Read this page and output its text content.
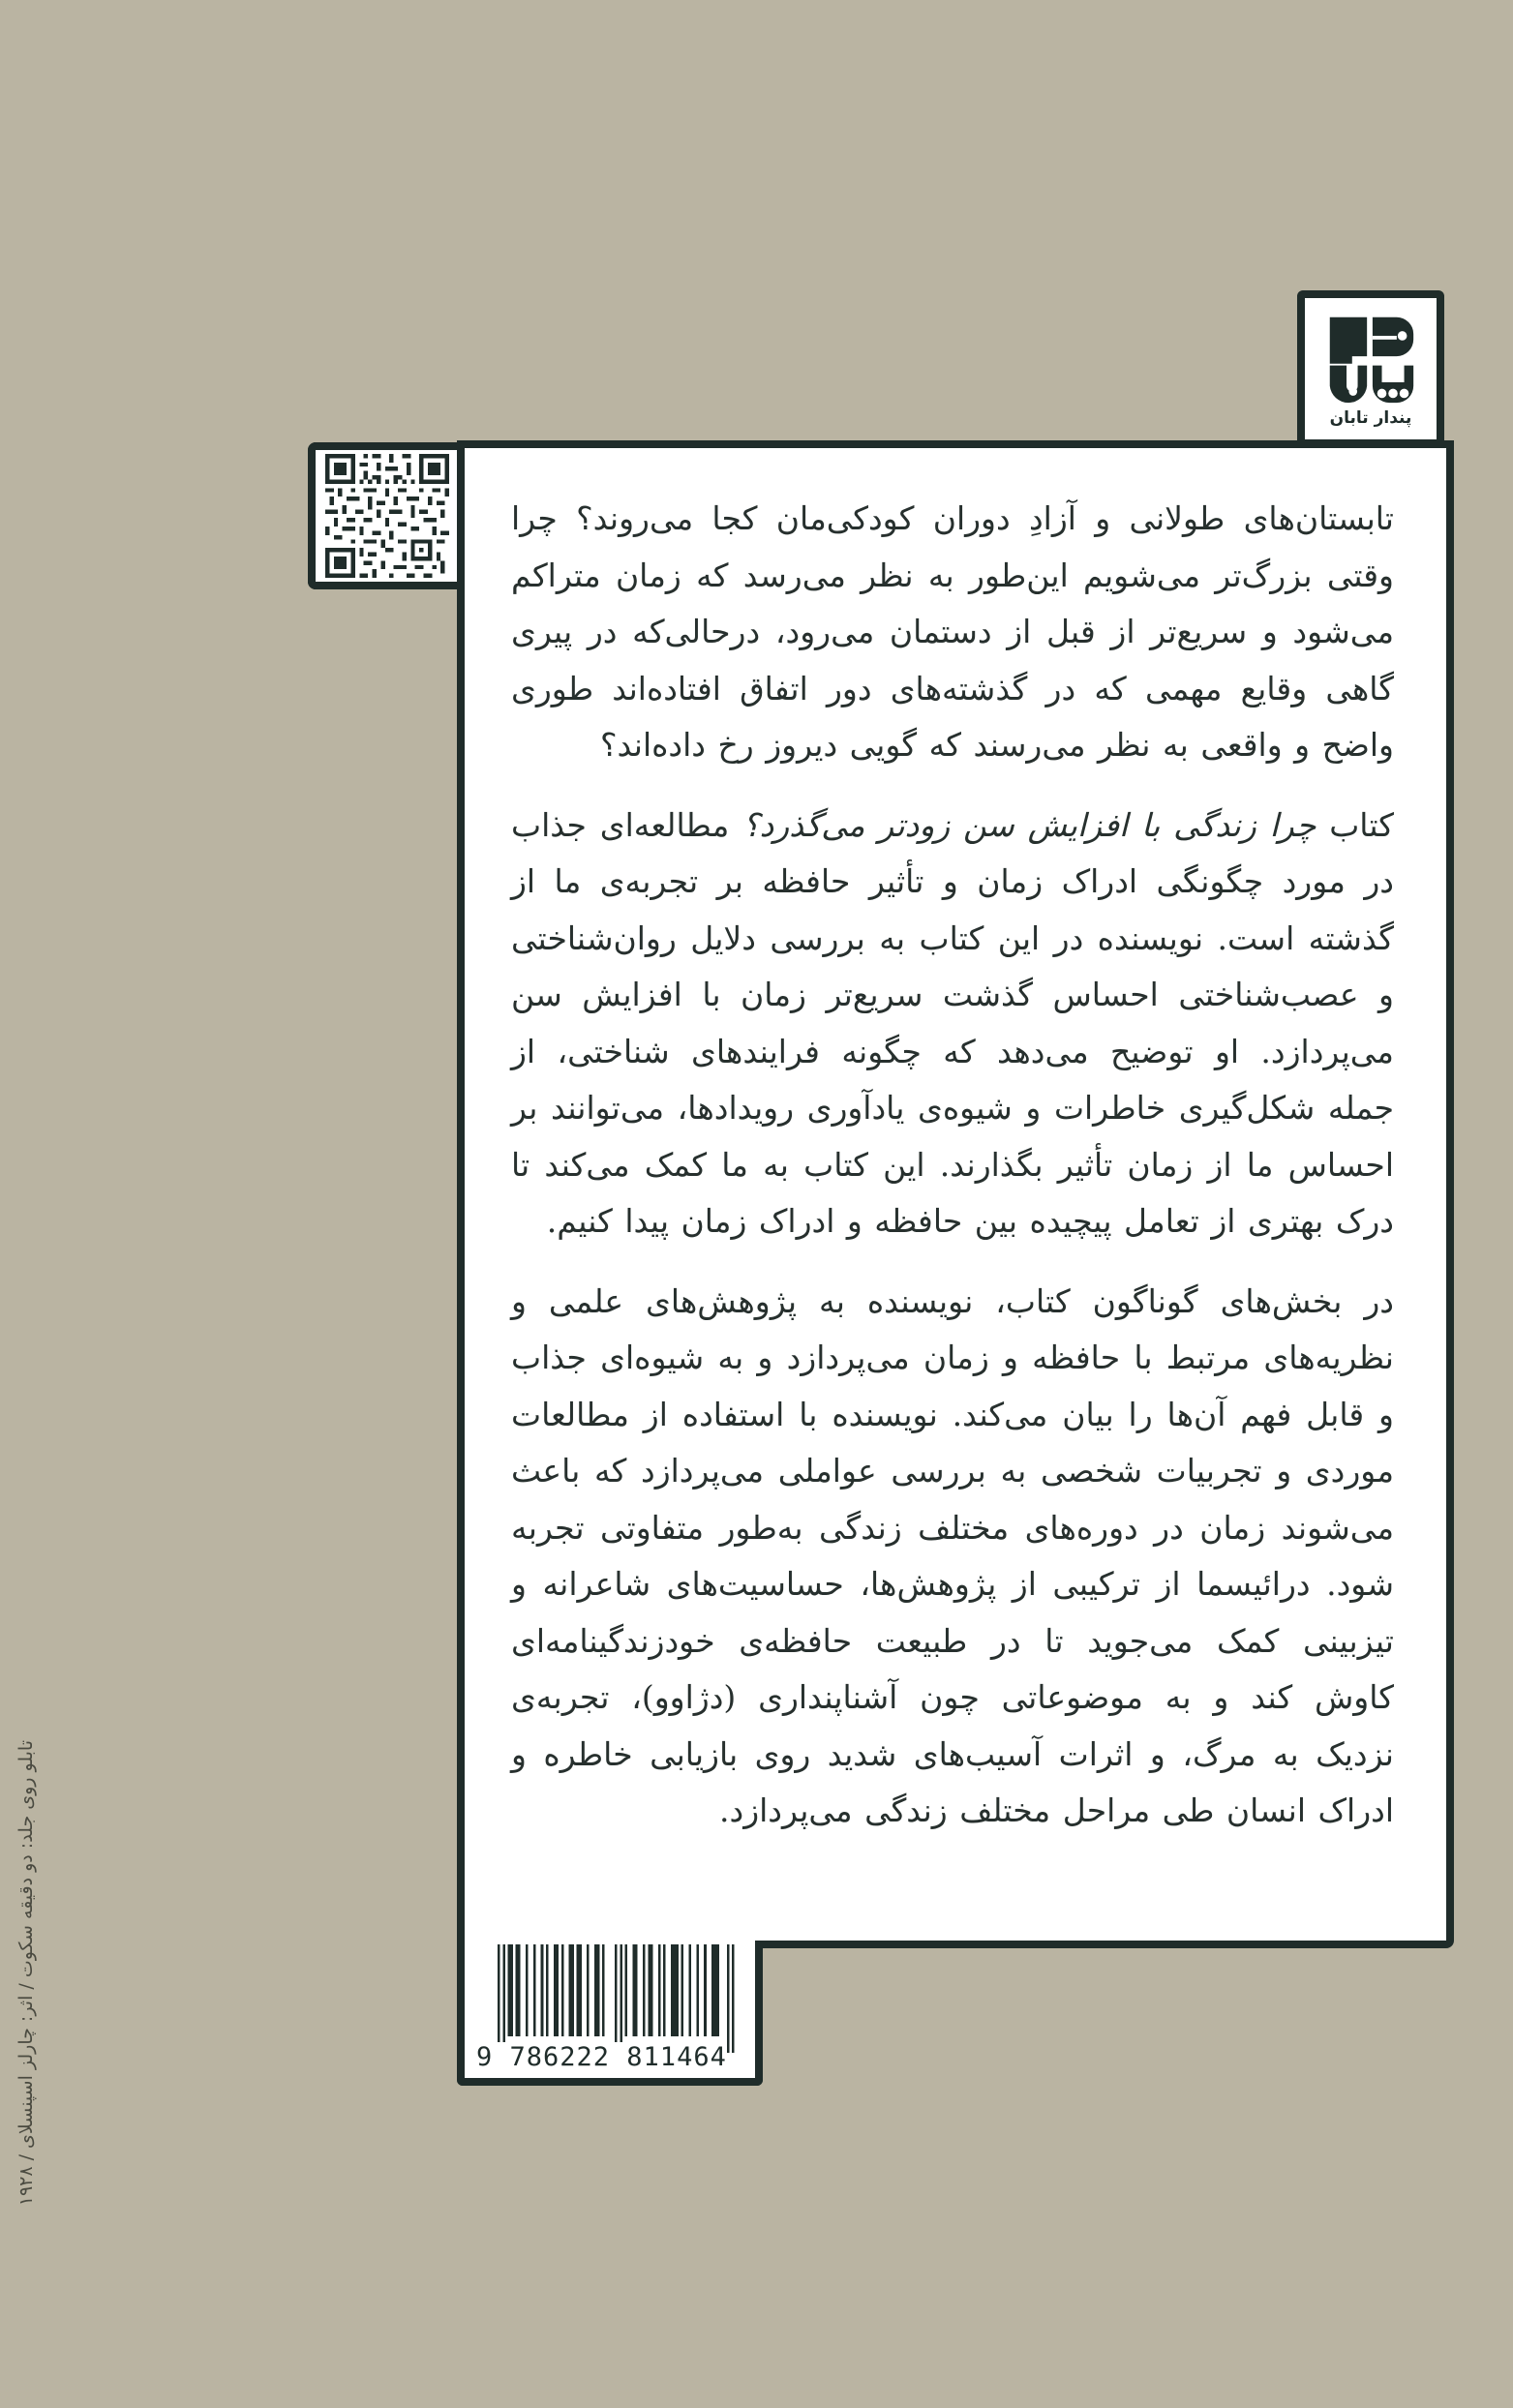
پندار تابان

تابستان‌های طولانی و آزادِ دوران کودکی‌مان کجا می‌روند؟ چرا وقتی بزرگ‌تر می‌شویم این‌طور به نظر می‌رسد که زمان متراکم می‌شود و سریع‌تر از قبل از دستمان می‌رود، درحالی‌که در پیری گاهی وقایع مهمی که در گذشته‌های دور اتفاق افتاده‌اند طوری واضح و واقعی به نظر می‌رسند که گویی دیروز رخ داده‌اند؟

کتاب چرا زندگی با افزایش سن زودتر می‌گذرد؟ مطالعه‌ای جذاب در مورد چگونگی ادراک زمان و تأثیر حافظه بر تجربه‌ی ما از گذشته است. نویسنده در این کتاب به بررسی دلایل روان‌شناختی و عصب‌شناختی احساس گذشت سریع‌تر زمان با افزایش سن می‌پردازد. او توضیح می‌دهد که چگونه فرایندهای شناختی، از جمله شکل‌گیری خاطرات و شیوه‌ی یادآوری رویدادها، می‌توانند بر احساس ما از زمان تأثیر بگذارند. این کتاب به ما کمک می‌کند تا درک بهتری از تعامل پیچیده بین حافظه و ادراک زمان پیدا کنیم.

در بخش‌های گوناگون کتاب، نویسنده به پژوهش‌های علمی و نظریه‌های مرتبط با حافظه و زمان می‌پردازد و به شیوه‌ای جذاب و قابل فهم آن‌ها را بیان می‌کند. نویسنده با استفاده از مطالعات موردی و تجربیات شخصی به بررسی عواملی می‌پردازد که باعث می‌شوند زمان در دوره‌های مختلف زندگی به‌طور متفاوتی تجربه شود. درائیسما از ترکیبی از پژوهش‌ها، حساسیت‌های شاعرانه و تیزبینی کمک می‌جوید تا در طبیعت حافظه‌ی خودزندگینامه‌ای کاوش کند و به موضوعاتی چون آشناپنداری (دژاوو)، تجربه‌ی نزدیک به مرگ، و اثرات آسیب‌های شدید روی بازیابی خاطره و ادراک انسان طی مراحل مختلف زندگی می‌پردازد.

9 786222 811464
تابلو روی جلد: دو دقیقه سکوت / اثر: چارلز اسپنسلای / ۱۹۲۸
